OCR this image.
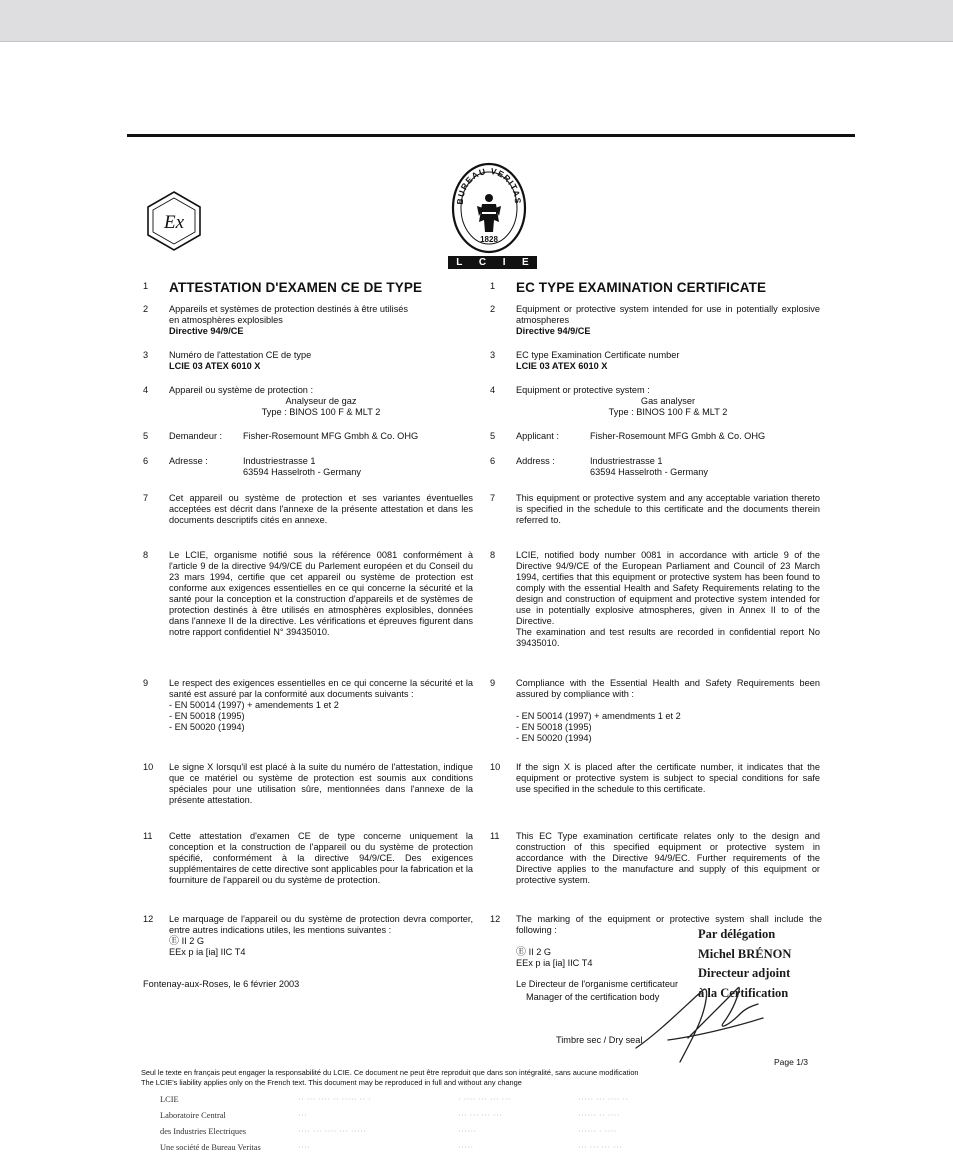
Ex
BUREAU VERITAS
1828
L C I E
1	ATTESTATION D'EXAMEN CE DE TYPE
2	Appareils et systèmes de protection destinés à être utilisés
en atmosphères explosibles
Directive 94/9/CE
3	Numéro de l'attestation CE de type
LCIE 03 ATEX 6010 X
4	Appareil ou système de protection :
Analyseur de gaz
Type : BINOS 100 F & MLT 2
5	Demandeur : Fisher-Rosemount MFG Gmbh & Co. OHG
6	Adresse :	Industriestrasse 1
63594 Hasselroth - Germany
7	Cet appareil ou système de protection et ses variantes éventuelles acceptées est décrit dans l'annexe de la présente attestation et dans les documents descriptifs cités en annexe.
8	Le LCIE, organisme notifié sous la référence 0081 conformément à l'article 9 de la directive 94/9/CE du Parlement européen et du Conseil du 23 mars 1994, certifie que cet appareil ou système de protection est conforme aux exigences essentielles en ce qui concerne la sécurité et la santé pour la conception et la construction d'appareils et de systèmes de protection destinés à être utilisés en atmosphères explosibles, données dans l'annexe II de la directive. Les vérifications et épreuves figurent dans notre rapport confidentiel N° 39435010.
9	Le respect des exigences essentielles en ce qui concerne la sécurité et la santé est assuré par la conformité aux documents suivants :
- EN 50014 (1997) + amendements 1 et 2
- EN 50018 (1995)
- EN 50020 (1994)
10	Le signe X lorsqu'il est placé à la suite du numéro de l'attestation, indique que ce matériel ou système de protection est soumis aux conditions spéciales pour une utilisation sûre, mentionnées dans l'annexe de la présente attestation.
11	Cette attestation d'examen CE de type concerne uniquement la conception et la construction de l'appareil ou du système de protection spécifié, conformément à la directive 94/9/CE. Des exigences supplémentaires de cette directive sont applicables pour la fabrication et la fourniture de l'appareil ou du système de protection.
12	Le marquage de l'appareil ou du système de protection devra comporter, entre autres indications utiles, les mentions suivantes :
Ⓔ II 2 G
EEx p ia [ia] IIC T4
Fontenay-aux-Roses, le 6 février 2003
1	EC TYPE EXAMINATION CERTIFICATE
2	Equipment or protective system intended for use in potentially explosive atmospheres
Directive 94/9/CE
3	EC type Examination Certificate number
LCIE 03 ATEX 6010 X
4	Equipment or protective system :
Gas analyser
Type : BINOS 100 F & MLT 2
5	Applicant :	Fisher-Rosemount MFG Gmbh & Co. OHG
6	Address :	Industriestrasse 1
63594 Hasselroth - Germany
7	This equipment or protective system and any acceptable variation thereto is specified in the schedule to this certificate and the documents therein referred to.
8	LCIE, notified body number 0081 in accordance with article 9 of the Directive 94/9/CE of the European Parliament and Council of 23 March 1994, certifies that this equipment or protective system has been found to comply with the essential Health and Safety Requirements relating to the design and construction of equipment and protective system intended for use in potentially explosive atmospheres, given in Annex II to of the Directive.
The examination and test results are recorded in confidential report No 39435010.
9	Compliance with the Essential Health and Safety Requirements been assured by compliance with :
- EN 50014 (1997) + amendments 1 et 2
- EN 50018 (1995)
- EN 50020 (1994)
10	If the sign X is placed after the certificate number, it indicates that the equipment or protective system is subject to special conditions for safe use specified in the schedule to this certificate.
11	This EC Type examination certificate relates only to the design and construction of this specified equipment or protective system in accordance with the Directive 94/9/EC. Further requirements of the Directive applies to the manufacture and supply of this equipment or protective system.
12	The marking of the equipment or protective system shall include the following :
Ⓔ II 2 G
EEx p ia [ia] IIC T4
Le Directeur de l'organisme certificateur
Manager of the certification body
Par délégation
Michel BRÉNON
Directeur adjoint
à la Certification
Timbre sec / Dry seal
Page 1/3
Seul le texte en français peut engager la responsabilité du LCIE. Ce document ne peut être reproduit que dans son intégralité, sans aucune modification
The LCIE's liability applies only on the French text. This document may be reproduced in full and without any change
LCIE
Laboratoire Central
des Industries Electriques
Une société de Bureau Veritas
·· ··· ···· ·· ····· ·· ·
···
···· ··· ···· ··· ·····
····
· ···· ··· ··· ···
··· ··· ··· ···
······
·····
····· ··· ···· ··
······ ·· ····
······ · ····
··· ··· ··· ···
